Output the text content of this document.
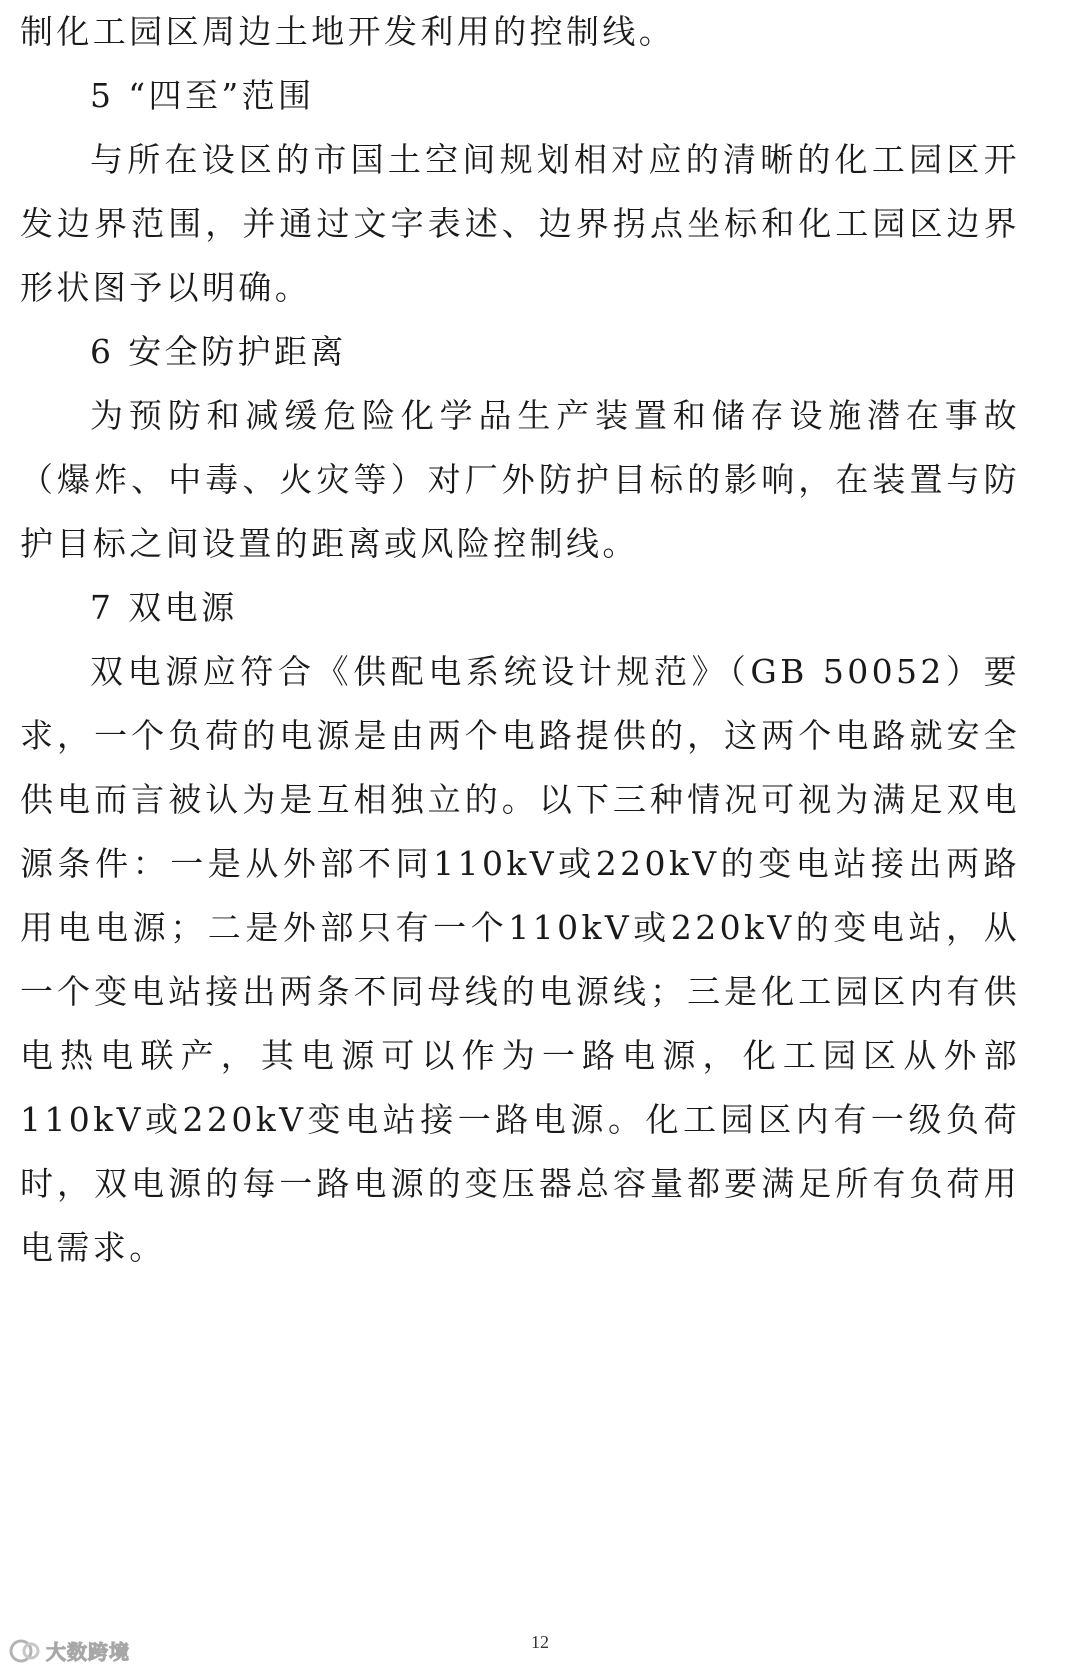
制化工园区周边土地开发利用的控制线。

5 “四至”范围

与所在设区的市国土空间规划相对应的清晰的化工园区开发边界范围，并通过文字表述、边界拐点坐标和化工园区边界形状图予以明确。

6 安全防护距离

为预防和减缓危险化学品生产装置和储存设施潜在事故（爆炸、中毒、火灾等）对厂外防护目标的影响，在装置与防护目标之间设置的距离或风险控制线。

7 双电源

双电源应符合《供配电系统设计规范》（GB 50052）要求，一个负荷的电源是由两个电路提供的，这两个电路就安全供电而言被认为是互相独立的。以下三种情况可视为满足双电源条件：一是从外部不同110kV或220kV的变电站接出两路用电电源；二是外部只有一个110kV或220kV的变电站，从一个变电站接出两条不同母线的电源线；三是化工园区内有供电热电联产，其电源可以作为一路电源，化工园区从外部110kV或220kV变电站接一路电源。化工园区内有一级负荷时，双电源的每一路电源的变压器总容量都要满足所有负荷用电需求。

大数跨境	12
